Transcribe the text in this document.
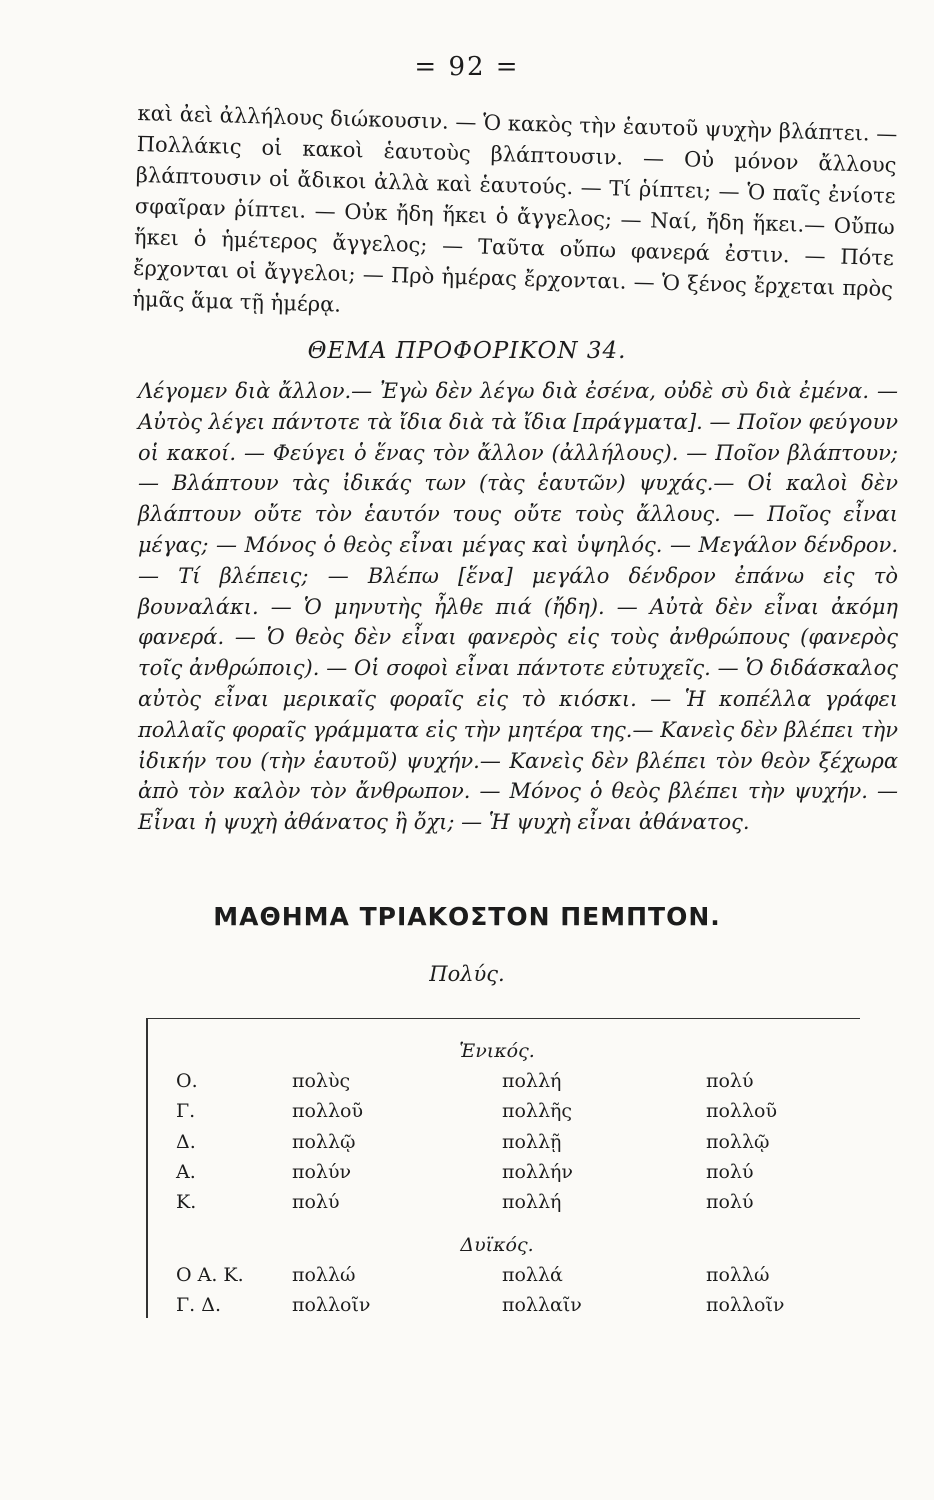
= 92 =
καὶ ἀεὶ ἀλλήλους διώκουσιν. — Ὁ κακὸς τὴν ἑαυτοῦ ψυχὴν βλάπτει. — Πολλάκις οἱ κακοὶ ἑαυτοὺς βλάπτουσιν. — Οὐ μόνον ἄλλους βλάπτουσιν οἱ ἄδικοι ἀλλὰ καὶ ἑαυτούς. — Τί ῥίπτει; — Ὁ παῖς ἐνίοτε σφαῖραν ῥίπτει. — Οὐκ ἤδη ἥκει ὁ ἄγγελος; — Ναί, ἤδη ἥκει.— Οὔπω ἥκει ὁ ἡμέτερος ἄγγελος; — Ταῦτα οὔπω φανερά ἐστιν. — Πότε ἔρχονται οἱ ἄγγελοι; — Πρὸ ἡμέρας ἔρχονται. — Ὁ ξένος ἔρχεται πρὸς ἡμᾶς ἅμα τῇ ἡμέρᾳ.
ΘΕΜΑ ΠΡΟΦΟΡΙΚΟΝ 34.
Λέγομεν διὰ ἄλλον.— Ἐγὼ δὲν λέγω διὰ ἐσένα, οὐδὲ σὺ διὰ ἐμένα. — Αὐτὸς λέγει πάντοτε τὰ ἴδια διὰ τὰ ἴδια [πράγματα]. — Ποῖον φεύγουν οἱ κακοί. — Φεύγει ὁ ἕνας τὸν ἄλλον (ἀλλήλους). — Ποῖον βλάπτουν; — Βλάπτουν τὰς ἰδικάς των (τὰς ἑαυτῶν) ψυχάς.— Οἱ καλοὶ δὲν βλάπτουν οὔτε τὸν ἑαυτόν τους οὔτε τοὺς ἄλλους. — Ποῖος εἶναι μέγας; — Μόνος ὁ θεὸς εἶναι μέγας καὶ ὑψηλός. — Μεγάλον δένδρον. — Τί βλέπεις; — Βλέπω [ἕνα] μεγάλο δένδρον ἐπάνω εἰς τὸ βουναλάκι. — Ὁ μηνυτὴς ἦλθε πιά (ἤδη). — Αὐτὰ δὲν εἶναι ἀκόμη φανερά. — Ὁ θεὸς δὲν εἶναι φανερὸς εἰς τοὺς ἀνθρώπους (φανερὸς τοῖς ἀνθρώποις). — Οἱ σοφοὶ εἶναι πάντοτε εὐτυχεῖς. — Ὁ διδάσκαλος αὐτὸς εἶναι μερικαῖς φοραῖς εἰς τὸ κιόσκι. — Ἡ κοπέλλα γράφει πολλαῖς φοραῖς γράμματα εἰς τὴν μητέρα της.— Κανεὶς δὲν βλέπει τὴν ἰδικήν του (τὴν ἑαυτοῦ) ψυχήν.— Κανεὶς δὲν βλέπει τὸν θεὸν ξέχωρα ἀπὸ τὸν καλὸν τὸν ἄνθρωπον. — Μόνος ὁ θεὸς βλέπει τὴν ψυχήν. — Εἶναι ἡ ψυχὴ ἀθάνατος ἢ ὄχι; — Ἡ ψυχὴ εἶναι ἀθάνατος.
ΜΑΘΗΜΑ ΤΡΙΑΚΟΣΤΟΝ ΠΕΜΠΤΟΝ.
Πολύς.
Ἑνικός.
Ο.	πολὺς	πολλή	πολύ
Γ.	πολλοῦ	πολλῆς	πολλοῦ
Δ.	πολλῷ	πολλῇ	πολλῷ
Α.	πολύν	πολλήν	πολύ
Κ.	πολύ	πολλή	πολύ
Δυϊκός.
Ο Α. Κ.	πολλώ	πολλά	πολλώ
Γ. Δ.	πολλοῖν	πολλαῖν	πολλοῖν
